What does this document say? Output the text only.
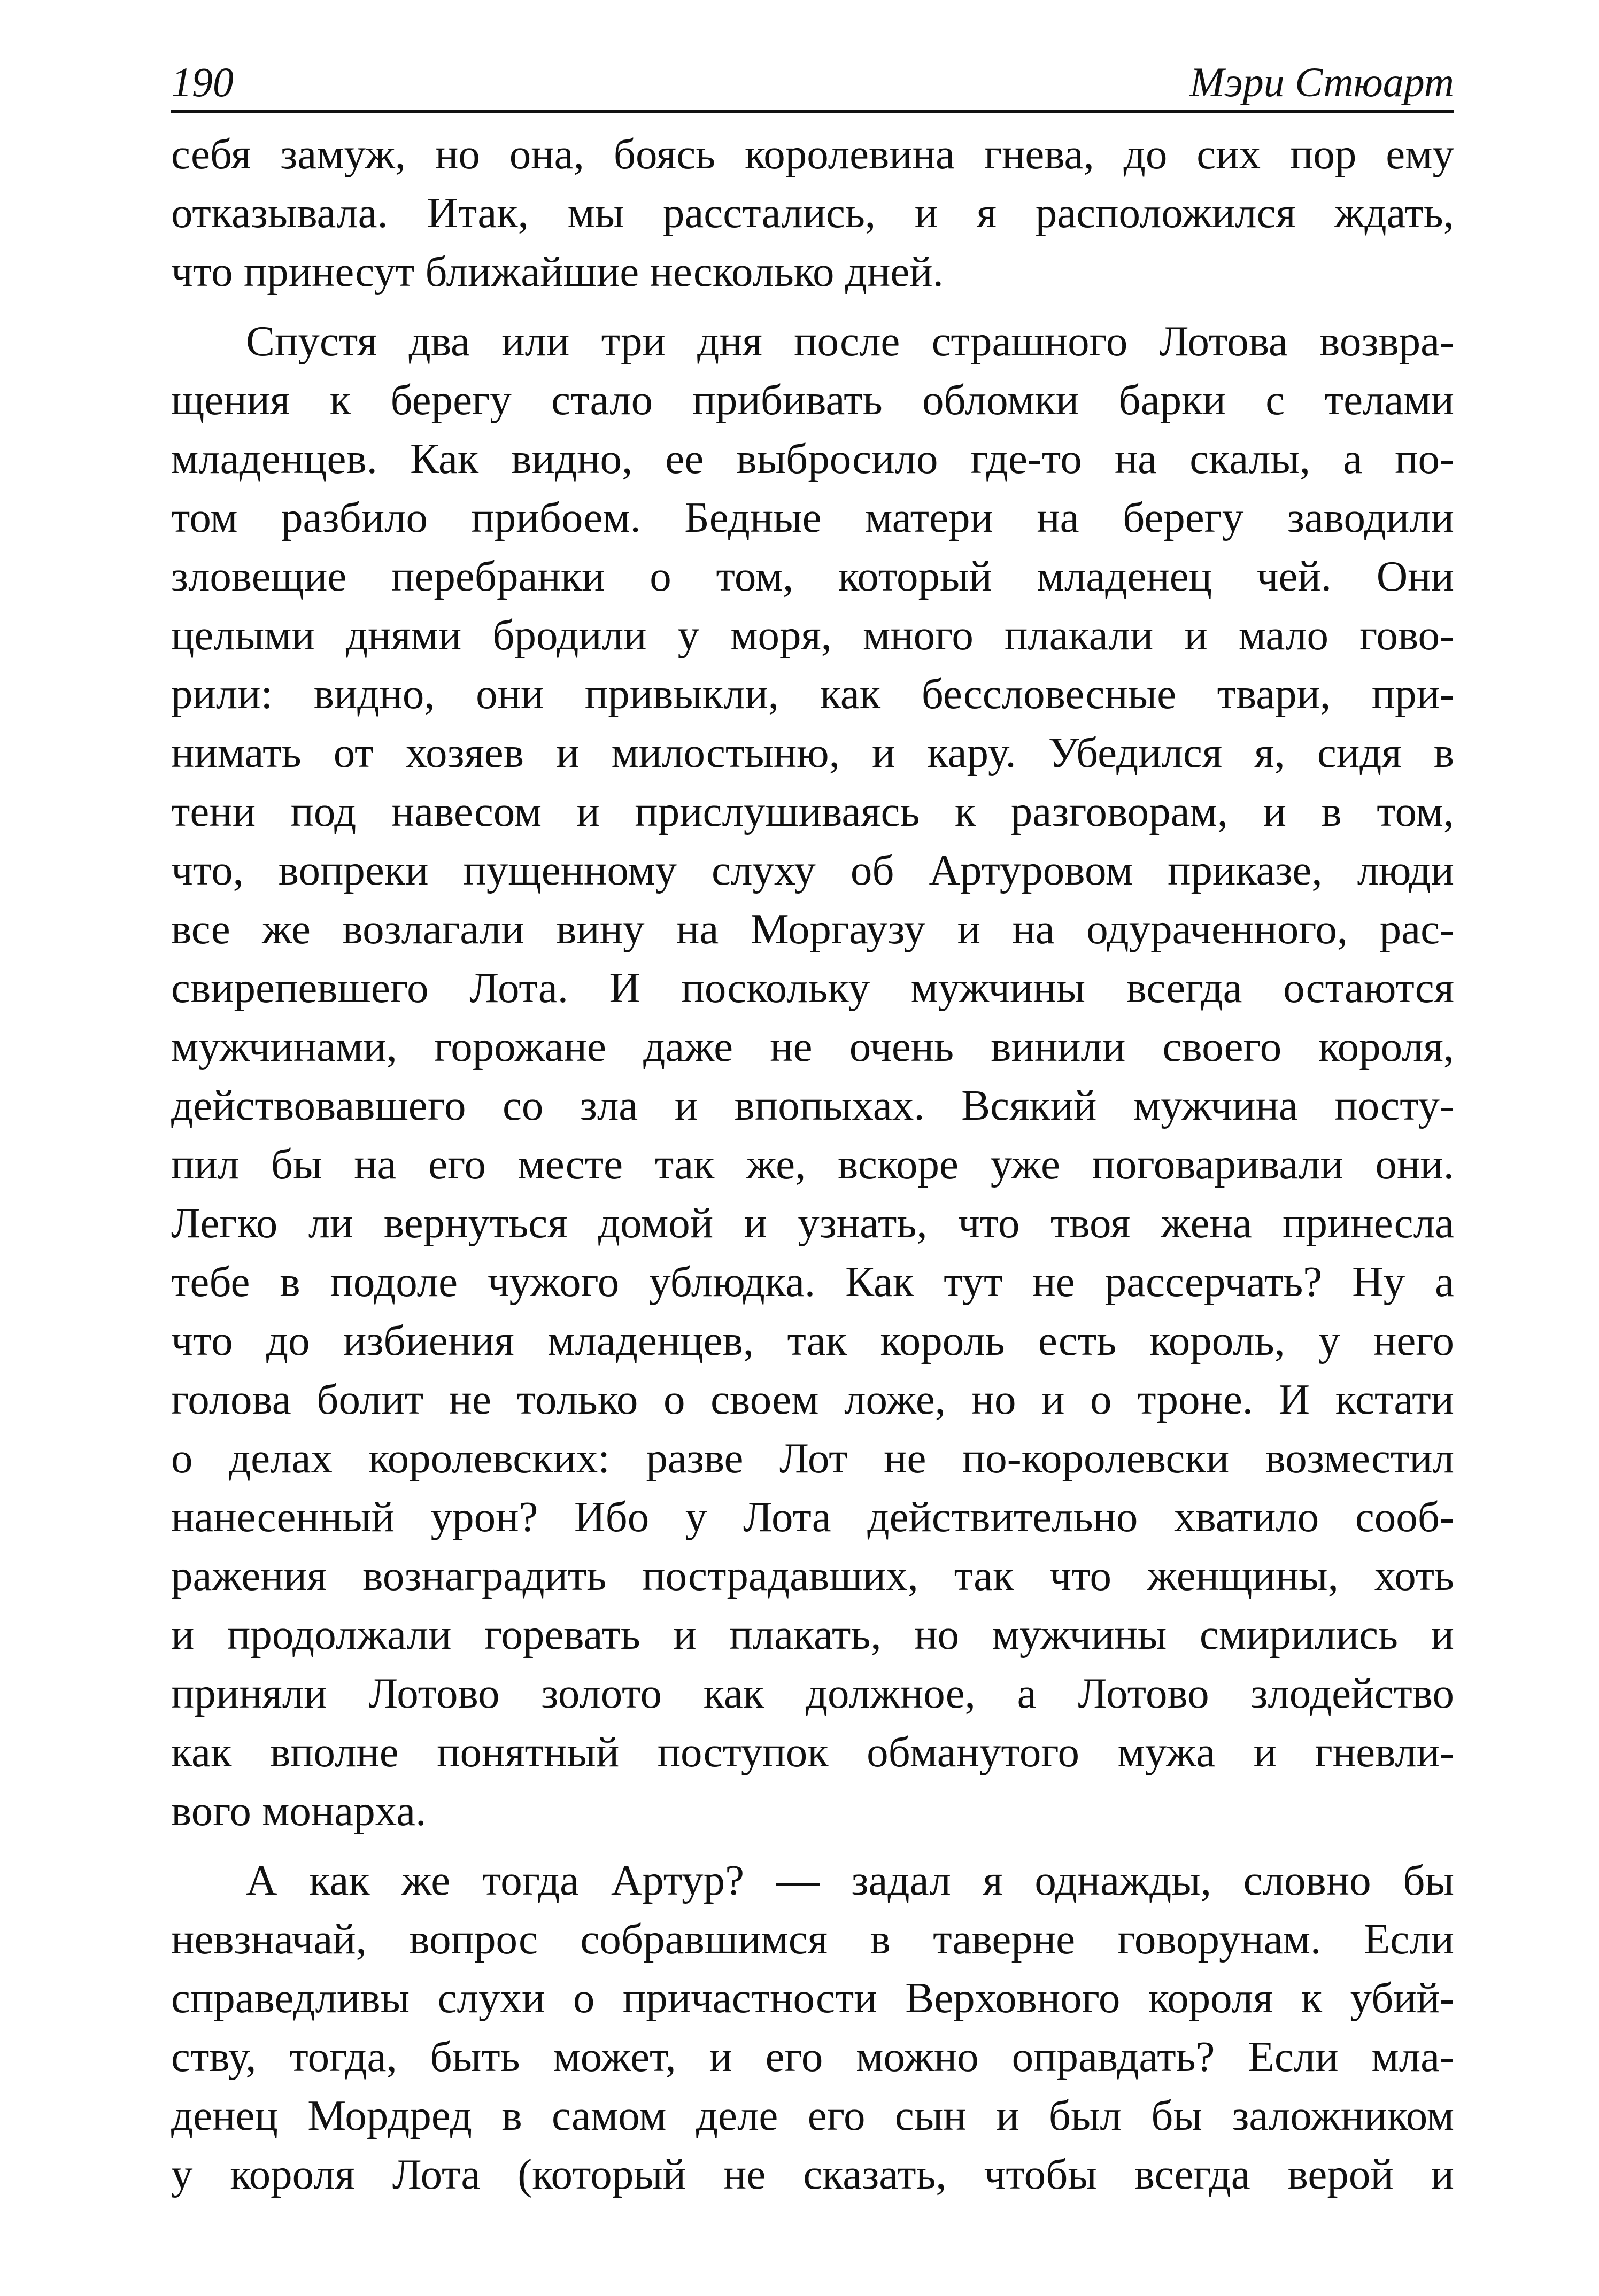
190	Мэри Стюарт
себя замуж, но она, боясь королевина гнева, до сих пор ему
отказывала. Итак, мы расстались, и я расположился ждать,
что принесут ближайшие несколько дней.
Спустя два или три дня после страшного Лотова возвра-
щения к берегу стало прибивать обломки барки с телами
младенцев. Как видно, ее выбросило где-то на скалы, а по-
том разбило прибоем. Бедные матери на берегу заводили
зловещие перебранки о том, который младенец чей. Они
целыми днями бродили у моря, много плакали и мало гово-
рили: видно, они привыкли, как бессловесные твари, при-
нимать от хозяев и милостыню, и кару. Убедился я, сидя в
тени под навесом и прислушиваясь к разговорам, и в том,
что, вопреки пущенному слуху об Артуровом приказе, люди
все же возлагали вину на Моргаузу и на одураченного, рас-
свирепевшего Лота. И поскольку мужчины всегда остаются
мужчинами, горожане даже не очень винили своего короля,
действовавшего со зла и впопыхах. Всякий мужчина посту-
пил бы на его месте так же, вскоре уже поговаривали они.
Легко ли вернуться домой и узнать, что твоя жена принесла
тебе в подоле чужого ублюдка. Как тут не рассерчать? Ну а
что до избиения младенцев, так король есть король, у него
голова болит не только о своем ложе, но и о троне. И кстати
о делах королевских: разве Лот не по-королевски возместил
нанесенный урон? Ибо у Лота действительно хватило сооб-
ражения вознаградить пострадавших, так что женщины, хоть
и продолжали горевать и плакать, но мужчины смирились и
приняли Лотово золото как должное, а Лотово злодейство
как вполне понятный поступок обманутого мужа и гневли-
вого монарха.
А как же тогда Артур? — задал я однажды, словно бы
невзначай, вопрос собравшимся в таверне говорунам. Если
справедливы слухи о причастности Верховного короля к убий-
ству, тогда, быть может, и его можно оправдать? Если мла-
денец Мордред в самом деле его сын и был бы заложником
у короля Лота (который не сказать, чтобы всегда верой и
